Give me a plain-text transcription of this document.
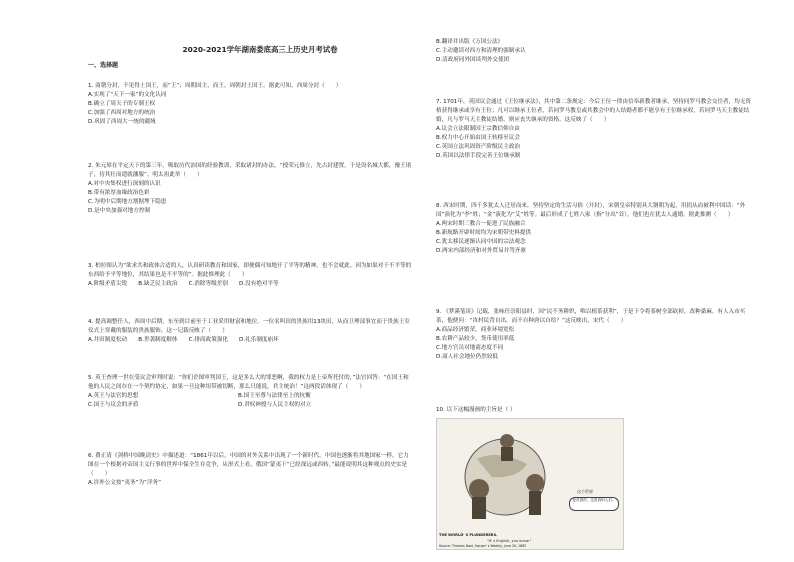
2020-2021学年湖南娄底高三上历史月考试卷
一、选择题

1. 商朝分封，不见得土国王，而“王”；周朝国主，而王。周朝封土国王。据此可知，西周分封（　　）

A.实现了“天下一家”的文化认同

B.确立了周天子的专制王权

C.加强了西周对地方的统治

D.巩固了西周大一统的疆域

2. 朱元璋在平定天下的第三年，吸取历代治国的经验教训，采取诸封的办法，“授荣元推立，先古封建置，于是设名城大都，豫王诸子，待其壮而遣就藩服”。明太祖此举（　　）

A.对中央集权进行深刻的认识

B.带有浓厚血缘政治色彩

C.为明中后期地方割据埋下隐患

D.是中央加强对地方控制

3. 柏拉图认为“欲求共和政体合适的人，认真研读教育和国家，即便偶可知地开了平等的精神，也不会就此。因为如果对于不平等的东西给予平等地位，其结果也是不平等的”。据此推理此（　　）

A.阶级矛盾尖锐　　B.缺乏民主政治　　C.消除等级差别　　D.没有绝对平等

4. 提高调整任人，西周中后期，东至到目前至于工业采用财富和地位。一位名叫田的贵族用13块田，从而卫理部事宜而于贵族王室仪式上穿戴的服装的贵族服饰。这一记载反映了（　　）

A.井田制度松动　　B.世袭制度解体　　C.排商政策强化　　D.礼乐制度崩坏

5. 英王查理一世在受议会审判时说：“你们企图审判国王，这是多么大的罪恶啊，我的权力是上帝所托付的，”法官回答：“在国王和他的人民之间存在一个契约协定，如果一旦这种纽带被切断，那么只能说，君主统治！”这两段话体现了（　　）

A.英王与法官的思想	B.国王至尊与法律至上的抗衡
C.国王与议会的矛盾	D.君权神授与人民主权的对立

6. 费正清《剑桥中国晚清史》中描述道：“1861年以后，中国的对外关系中出现了一个新时代。中国也逐渐将其地国家一样，它力图在一个根据对帝国主义行事的世界中保全生存竞争，从形式上看，俄国“蒙夷下”已经深远或西转。”最能说明其这种观点的史实是（　　）

A.涉外公文按“夷务”为“洋务”

B.翻译并出版《万国公法》

C.主动邀请对西方和清理的强制承认

D.清政府同外国谈判外交使团

7. 1701年，英国议会通过《王位继承法》，其中第二条规定：今后王位一律由信奉新教者继承，坚持同罗马教会交往者，均无资格获得继承或享有王位；凡可以继承王位者，若同罗马教皇或其教会中的人结婚者都不能享有王位继承权，若同罗马天主教徒结婚，凡与罗马天主教徒结婚，则应丧失继承的资格。这反映了（　　）

A.议会立法限制国王宗教信仰自由

B.权力中心开始由国王转移至议会

C.英国立法巩固资产阶级民主政治

D.英国以法律手段完善王位继承制

8. 西宋时期，四千多犹太人迁居而来，坚持坚定的生活习俗（开封），宋朝皇帝特别具大钢朝为起，用捐从而被利中国话：“外国”演化为“李”姓；“金”演化为“艾”姓等。最后形成了七姓八家（指“分出”首），他们也在犹太人通婚。据此推测（　　）

A.两宋时期三教合一促进了民族融合

B.新航路开辟时间均为宋朝带史料提供

C.犹太移民逐渐认同中国的宗法观念

D.两宋内部经济和对外贸易并驾齐驱

9. 《梦溪笔谈》记载，张咏任崇阳县时，因“民不务耕织，唯以植茶获利”，于是下令将茶树全部砍掉，改种桑麻。有人入市买茶，他便问：“汝村民背自出，而不自种唐以自给？”这反映出，宋代（　　）

A.商品经济繁荣，商业环境宽松

B.农耕产品较少，货币使用率低

C.地方官员对地商态度不同

D.商人社会地位仍然较低

10. 以下这幅漫画的主旨是（ ）

这个世界
“是英国的，这是真的人们。”
THE WORLD' S PLUNDERERS.
"It' s English, you know."
Source: Thomas Nast, Harper' s Weekly, June 29, 1885
